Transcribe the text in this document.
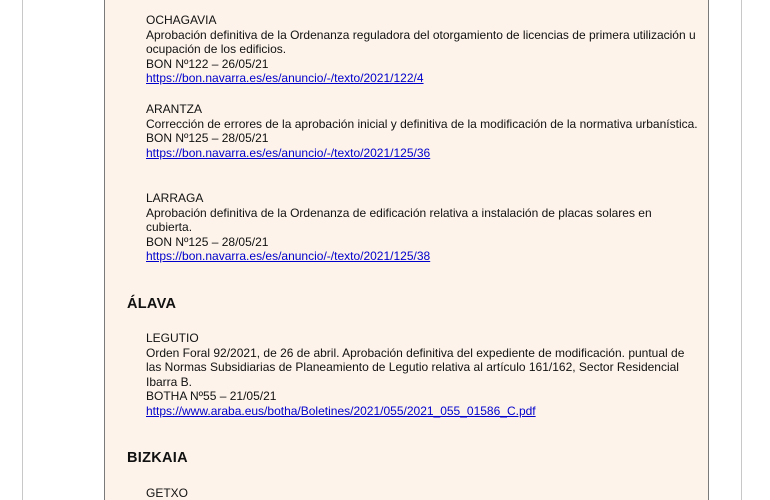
OCHAGAVIA

Aprobación definitiva de la Ordenanza reguladora del otorgamiento de licencias de primera utilización u ocupación de los edificios.

BON Nº122 – 26/05/21

https://bon.navarra.es/es/anuncio/-/texto/2021/122/4

ARANTZA

Corrección de errores de la aprobación inicial y definitiva de la modificación de la normativa urbanística.

BON Nº125 – 28/05/21

https://bon.navarra.es/es/anuncio/-/texto/2021/125/36

LARRAGA

Aprobación definitiva de la Ordenanza de edificación relativa a instalación de placas solares en cubierta.

BON Nº125 – 28/05/21

https://bon.navarra.es/es/anuncio/-/texto/2021/125/38

ÁLAVA

LEGUTIO

Orden Foral 92/2021, de 26 de abril. Aprobación definitiva del expediente de modificación. puntual de las Normas Subsidiarias de Planeamiento de Legutio relativa al artículo 161/162, Sector Residencial Ibarra B.

BOTHA Nº55 – 21/05/21

https://www.araba.eus/botha/Boletines/2021/055/2021_055_01586_C.pdf

BIZKAIA

GETXO
